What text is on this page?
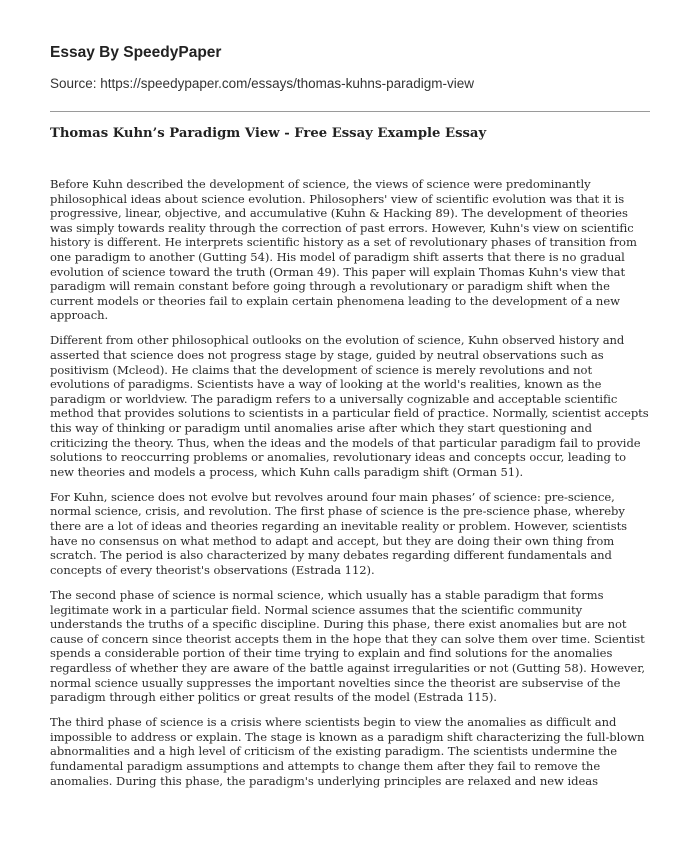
Essay By SpeedyPaper
Source: https://speedypaper.com/essays/thomas-kuhns-paradigm-view
Thomas Kuhn’s Paradigm View - Free Essay Example Essay

Before Kuhn described the development of science, the views of science were predominantly philosophical ideas about science evolution. Philosophers' view of scientific evolution was that it is progressive, linear, objective, and accumulative (Kuhn & Hacking 89). The development of theories was simply towards reality through the correction of past errors. However, Kuhn's view on scientific history is different. He interprets scientific history as a set of revolutionary phases of transition from one paradigm to another (Gutting 54). His model of paradigm shift asserts that there is no gradual evolution of science toward the truth (Orman 49). This paper will explain Thomas Kuhn's view that paradigm will remain constant before going through a revolutionary or paradigm shift when the current models or theories fail to explain certain phenomena leading to the development of a new approach.

Different from other philosophical outlooks on the evolution of science, Kuhn observed history and asserted that science does not progress stage by stage, guided by neutral observations such as positivism (Mcleod). He claims that the development of science is merely revolutions and not evolutions of paradigms. Scientists have a way of looking at the world's realities, known as the paradigm or worldview. The paradigm refers to a universally cognizable and acceptable scientific method that provides solutions to scientists in a particular field of practice. Normally, scientist accepts this way of thinking or paradigm until anomalies arise after which they start questioning and criticizing the theory. Thus, when the ideas and the models of that particular paradigm fail to provide solutions to reoccurring problems or anomalies, revolutionary ideas and concepts occur, leading to new theories and models a process, which Kuhn calls paradigm shift (Orman 51).

For Kuhn, science does not evolve but revolves around four main phases’ of science: pre-science, normal science, crisis, and revolution. The first phase of science is the pre-science phase, whereby there are a lot of ideas and theories regarding an inevitable reality or problem. However, scientists have no consensus on what method to adapt and accept, but they are doing their own thing from scratch. The period is also characterized by many debates regarding different fundamentals and concepts of every theorist's observations (Estrada 112).

The second phase of science is normal science, which usually has a stable paradigm that forms legitimate work in a particular field. Normal science assumes that the scientific community understands the truths of a specific discipline. During this phase, there exist anomalies but are not cause of concern since theorist accepts them in the hope that they can solve them over time. Scientist spends a considerable portion of their time trying to explain and find solutions for the anomalies regardless of whether they are aware of the battle against irregularities or not (Gutting 58). However, normal science usually suppresses the important novelties since the theorist are subservise of the paradigm through either politics or great results of the model (Estrada 115).

The third phase of science is a crisis where scientists begin to view the anomalies as difficult and impossible to address or explain. The stage is known as a paradigm shift characterizing the full-blown abnormalities and a high level of criticism of the existing paradigm. The scientists undermine the fundamental paradigm assumptions and attempts to change them after they fail to remove the anomalies. During this phase, the paradigm's underlying principles are relaxed and new ideas
